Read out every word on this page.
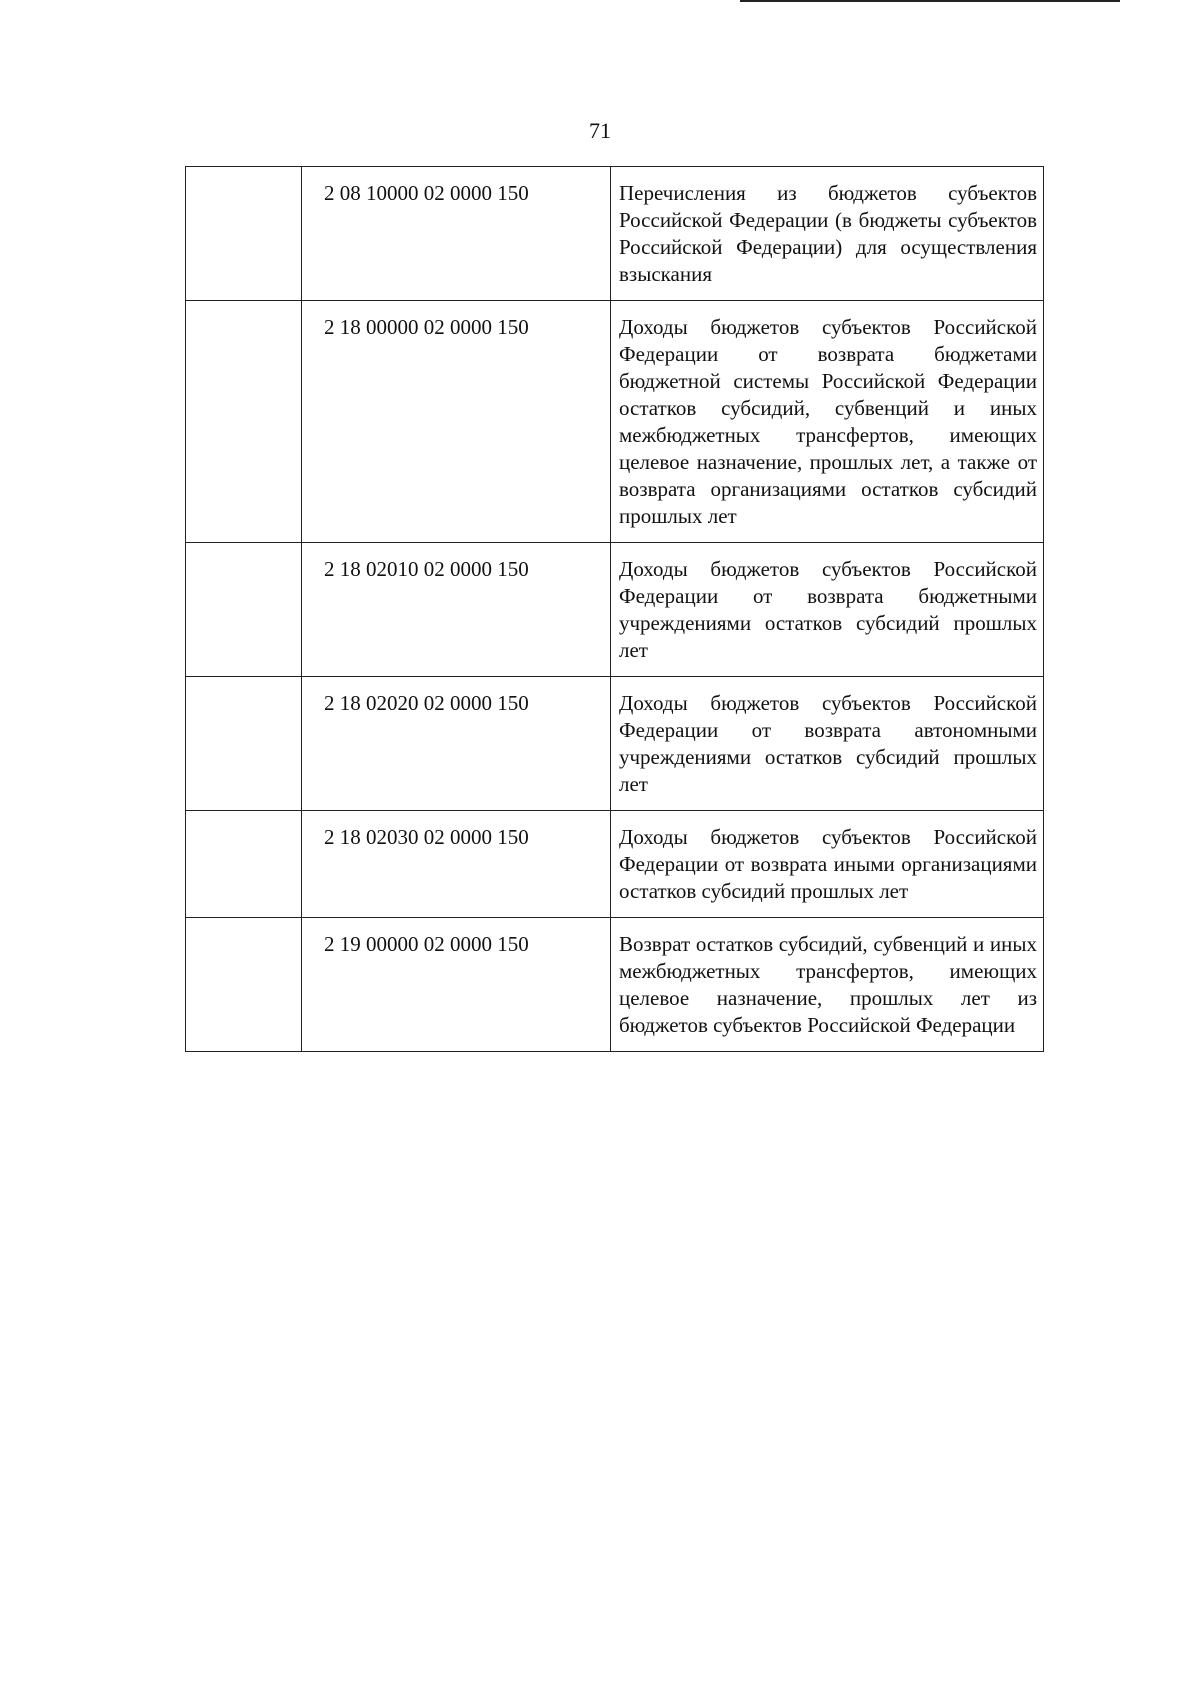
71
	2 08 10000 02 0000 150	Перечисления из бюджетов субъектов Российской Федерации (в бюджеты субъектов Российской Федерации) для осуществления взыскания
	2 18 00000 02 0000 150	Доходы бюджетов субъектов Российской Федерации от возврата бюджетами бюджетной системы Российской Федерации остатков субсидий, субвенций и иных межбюджетных трансфертов, имеющих целевое назначение, прошлых лет, а также от возврата организациями остатков субсидий прошлых лет
	2 18 02010 02 0000 150	Доходы бюджетов субъектов Российской Федерации от возврата бюджетными учреждениями остатков субсидий прошлых лет
	2 18 02020 02 0000 150	Доходы бюджетов субъектов Российской Федерации от возврата автономными учреждениями остатков субсидий прошлых лет
	2 18 02030 02 0000 150	Доходы бюджетов субъектов Российской Федерации от возврата иными организациями остатков субсидий прошлых лет
	2 19 00000 02 0000 150	Возврат остатков субсидий, субвенций и иных межбюджетных трансфертов, имеющих целевое назначение, прошлых лет из бюджетов субъектов Российской Федерации
